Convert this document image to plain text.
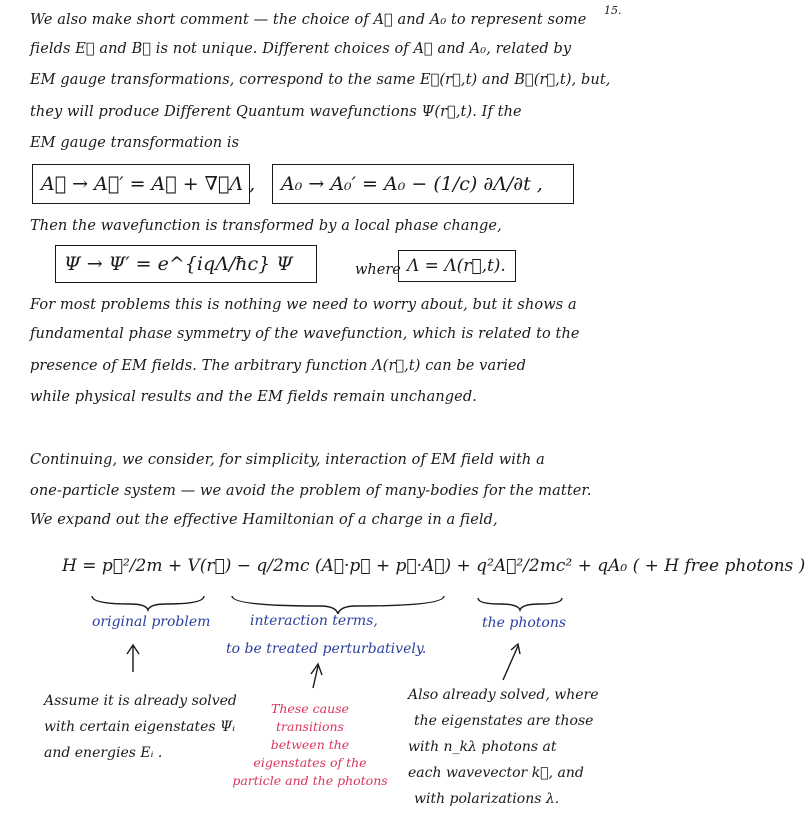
15.
We also make short comment — the choice of A⃗ and A₀ to represent some
fields E⃗ and B⃗ is not unique. Different choices of A⃗ and A₀, related by
EM gauge transformations, correspond to the same E⃗(r⃗,t) and B⃗(r⃗,t), but,
they will produce Different Quantum wavefunctions Ψ(r⃗,t). If the
EM gauge transformation is
A⃗ → A⃗′ = A⃗ + ∇⃗Λ , A₀ → A₀′ = A₀ − (1/c) ∂Λ/∂t ,
Then the wavefunction is transformed by a local phase change,
Ψ → Ψ′ = e^{iqΛ/ħc} Ψ	where Λ = Λ(r⃗,t).
For most problems this is nothing we need to worry about, but it shows a
fundamental phase symmetry of the wavefunction, which is related to the
presence of EM fields. The arbitrary function Λ(r⃗,t) can be varied
while physical results and the EM fields remain unchanged.
Continuing, we consider, for simplicity, interaction of EM field with a
one-particle system — we avoid the problem of many-bodies for the matter.
We expand out the effective Hamiltonian of a charge in a field,
H = p⃗²/2m + V(r⃗) − q/2mc (A⃗·p⃗ + p⃗·A⃗) + q²A⃗²/2mc² + qA₀ ( + H free photons )
original problem	interaction terms,
to be treated perturbatively.
the photons
Assume it is already solved
with certain eigenstates Ψᵢ
and energies Eᵢ .
These cause
transitions
between the
eigenstates of the
particle and the photons
Also already solved, where
the eigenstates are those
with n_kλ photons at
each wavevector k⃗, and
with polarizations λ.
